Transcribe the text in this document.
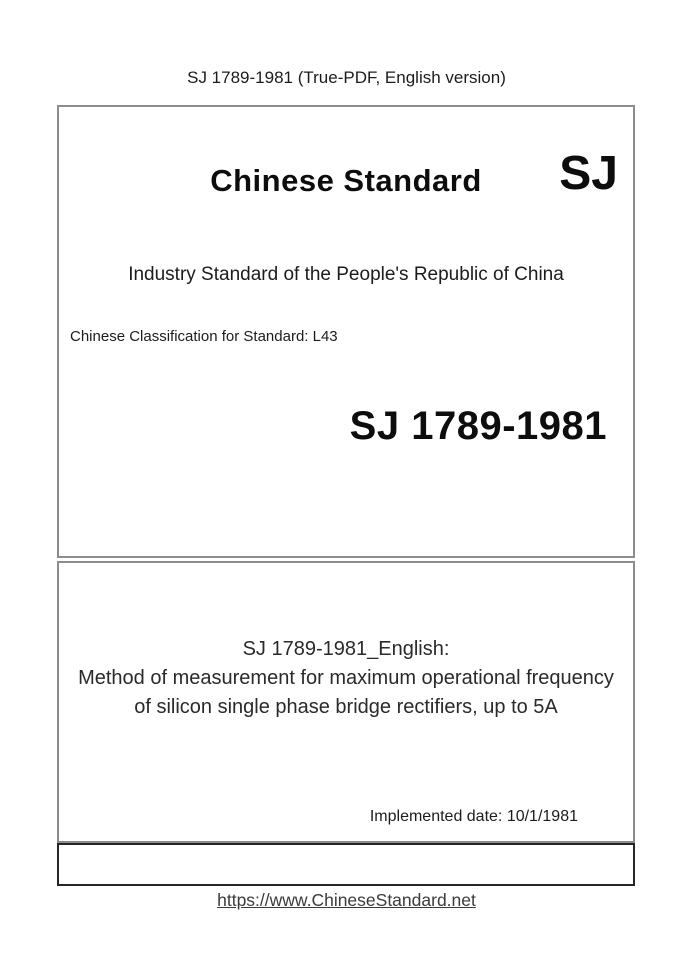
SJ 1789-1981 (True-PDF, English version)
Chinese Standard	SJ
Industry Standard of the People's Republic of China
Chinese Classification for Standard: L43
SJ 1789-1981
SJ 1789-1981_English:
Method of measurement for maximum operational frequency
of silicon single phase bridge rectifiers, up to 5A
Implemented date: 10/1/1981
https://www.ChineseStandard.net
